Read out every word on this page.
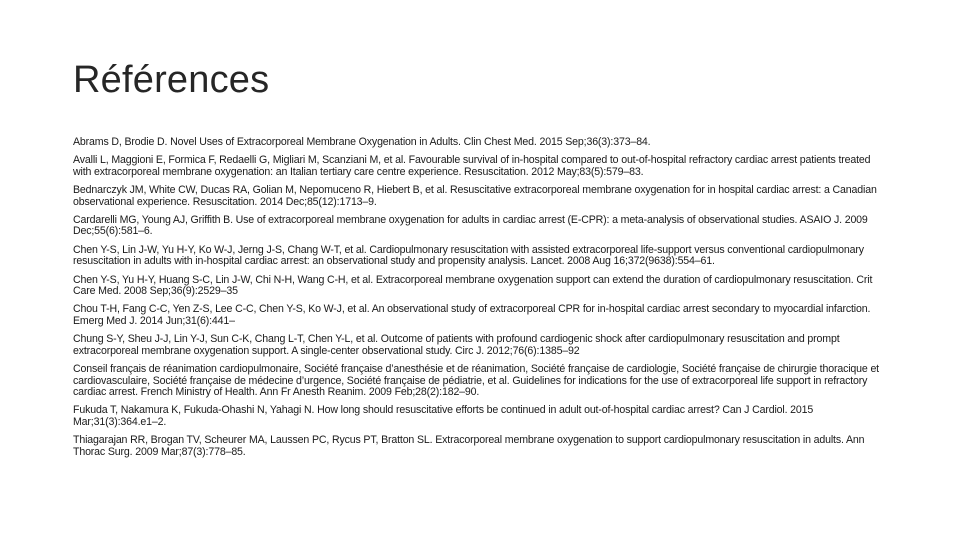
Références
Abrams D, Brodie D. Novel Uses of Extracorporeal Membrane Oxygenation in Adults. Clin Chest Med. 2015 Sep;36(3):373–84.
Avalli L, Maggioni E, Formica F, Redaelli G, Migliari M, Scanziani M, et al. Favourable survival of in-hospital compared to out-of-hospital refractory cardiac arrest patients treated with extracorporeal membrane oxygenation: an Italian tertiary care centre experience. Resuscitation. 2012 May;83(5):579–83.
Bednarczyk JM, White CW, Ducas RA, Golian M, Nepomuceno R, Hiebert B, et al. Resuscitative extracorporeal membrane oxygenation for in hospital cardiac arrest: a Canadian observational experience. Resuscitation. 2014 Dec;85(12):1713–9.
Cardarelli MG, Young AJ, Griffith B. Use of extracorporeal membrane oxygenation for adults in cardiac arrest (E-CPR): a meta-analysis of observational studies. ASAIO J. 2009 Dec;55(6):581–6.
Chen Y-S, Lin J-W, Yu H-Y, Ko W-J, Jerng J-S, Chang W-T, et al. Cardiopulmonary resuscitation with assisted extracorporeal life-support versus conventional cardiopulmonary resuscitation in adults with in-hospital cardiac arrest: an observational study and propensity analysis. Lancet. 2008 Aug 16;372(9638):554–61.
Chen Y-S, Yu H-Y, Huang S-C, Lin J-W, Chi N-H, Wang C-H, et al. Extracorporeal membrane oxygenation support can extend the duration of cardiopulmonary resuscitation. Crit Care Med. 2008 Sep;36(9):2529–35
Chou T-H, Fang C-C, Yen Z-S, Lee C-C, Chen Y-S, Ko W-J, et al. An observational study of extracorporeal CPR for in-hospital cardiac arrest secondary to myocardial infarction. Emerg Med J. 2014 Jun;31(6):441–
Chung S-Y, Sheu J-J, Lin Y-J, Sun C-K, Chang L-T, Chen Y-L, et al. Outcome of patients with profound cardiogenic shock after cardiopulmonary resuscitation and prompt extracorporeal membrane oxygenation support. A single-center observational study. Circ J. 2012;76(6):1385–92
Conseil français de réanimation cardiopulmonaire, Société française d’anesthésie et de réanimation, Société française de cardiologie, Société française de chirurgie thoracique et cardiovasculaire, Société française de médecine d’urgence, Société française de pédiatrie, et al. Guidelines for indications for the use of extracorporeal life support in refractory cardiac arrest. French Ministry of Health. Ann Fr Anesth Reanim. 2009 Feb;28(2):182–90.
Fukuda T, Nakamura K, Fukuda-Ohashi N, Yahagi N. How long should resuscitative efforts be continued in adult out-of-hospital cardiac arrest? Can J Cardiol. 2015 Mar;31(3):364.e1–2.
Thiagarajan RR, Brogan TV, Scheurer MA, Laussen PC, Rycus PT, Bratton SL. Extracorporeal membrane oxygenation to support cardiopulmonary resuscitation in adults. Ann Thorac Surg. 2009 Mar;87(3):778–85.
